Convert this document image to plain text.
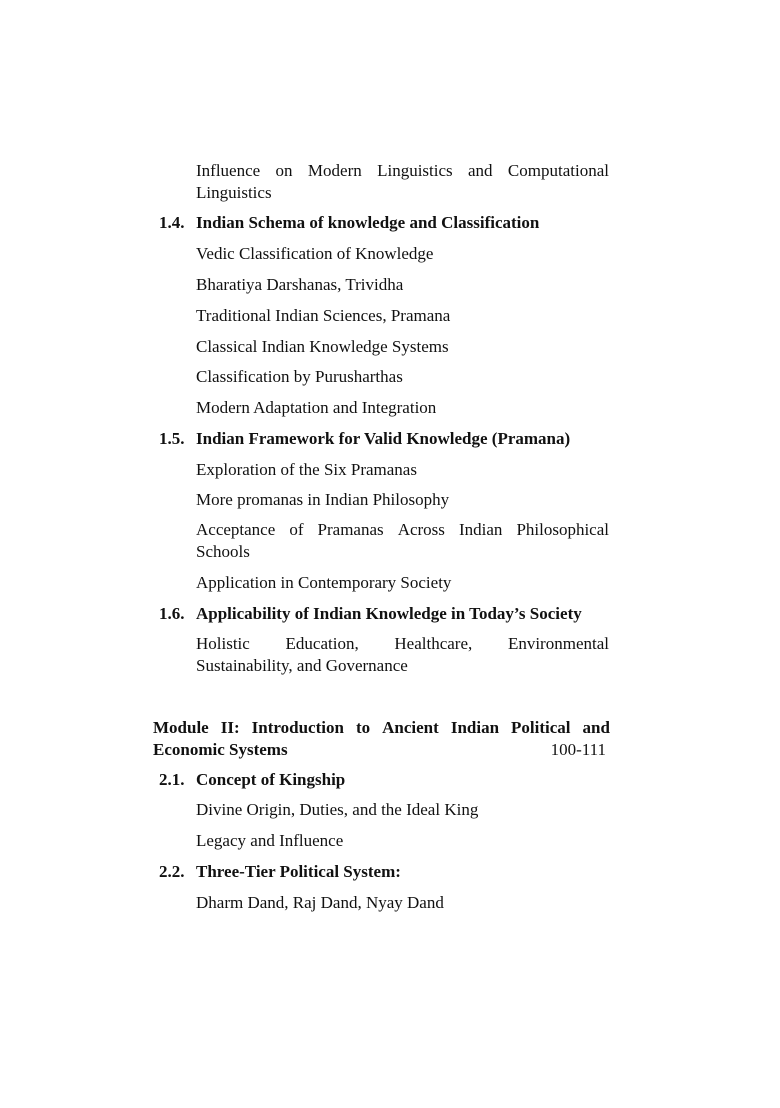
Influence on Modern Linguistics and Computational
Linguistics
1.4. Indian Schema of knowledge and Classification
Vedic Classification of Knowledge
Bharatiya Darshanas, Trividha
Traditional Indian Sciences, Pramana
Classical Indian Knowledge Systems
Classification by Purusharthas
Modern Adaptation and Integration
1.5. Indian Framework for Valid Knowledge (Pramana)
Exploration of the Six Pramanas
More promanas in Indian Philosophy
Acceptance of Pramanas Across Indian Philosophical
Schools
Application in Contemporary Society
1.6. Applicability of Indian Knowledge in Today’s Society
Holistic Education, Healthcare, Environmental
Sustainability, and Governance
Module II: Introduction to Ancient Indian Political and
Economic Systems	100-111
2.1. Concept of Kingship
Divine Origin, Duties, and the Ideal King
Legacy and Influence
2.2. Three-Tier Political System:
Dharm Dand, Raj Dand, Nyay Dand
